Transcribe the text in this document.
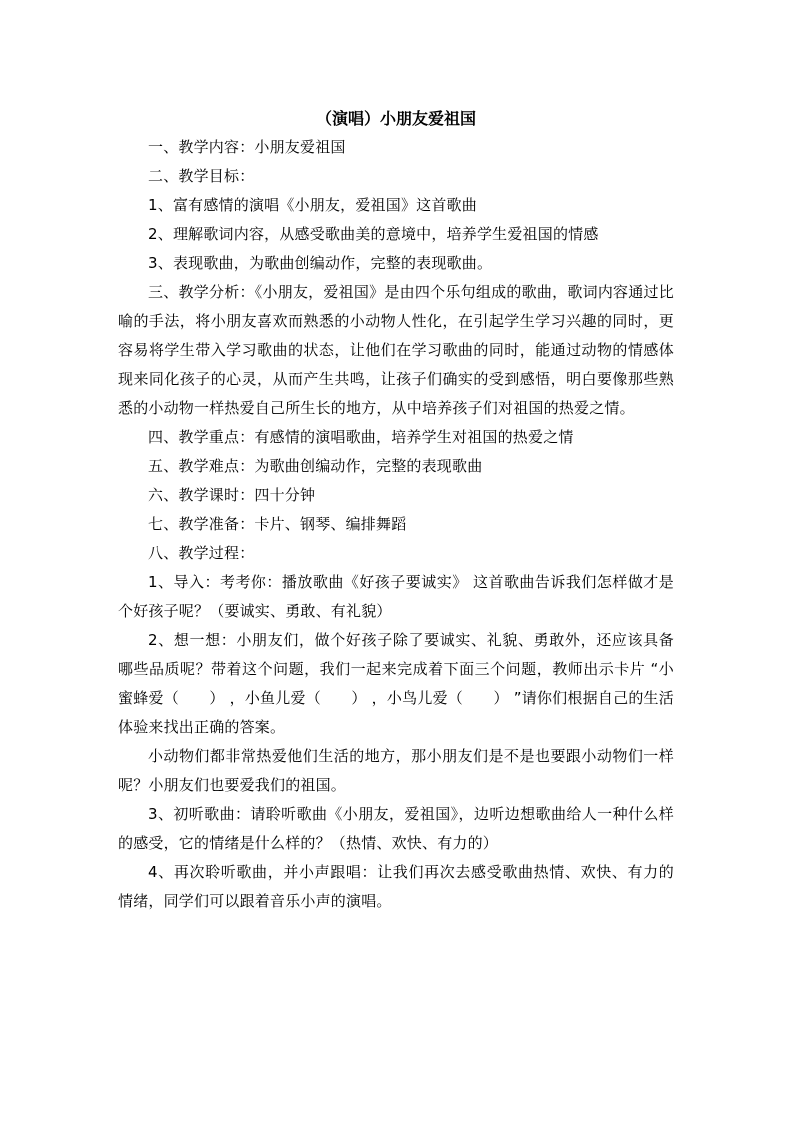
（演唱）小朋友爱祖国

一、教学内容：小朋友爱祖国

二、教学目标：

1、富有感情的演唱《小朋友，爱祖国》这首歌曲

2、理解歌词内容，从感受歌曲美的意境中，培养学生爱祖国的情感

3、表现歌曲，为歌曲创编动作，完整的表现歌曲。

三、教学分析：《小朋友，爱祖国》是由四个乐句组成的歌曲，歌词内容通过比喻的手法，将小朋友喜欢而熟悉的小动物人性化，在引起学生学习兴趣的同时，更容易将学生带入学习歌曲的状态，让他们在学习歌曲的同时，能通过动物的情感体现来同化孩子的心灵，从而产生共鸣，让孩子们确实的受到感悟，明白要像那些熟悉的小动物一样热爱自己所生长的地方，从中培养孩子们对祖国的热爱之情。

四、教学重点：有感情的演唱歌曲，培养学生对祖国的热爱之情

五、教学难点：为歌曲创编动作，完整的表现歌曲

六、教学课时：四十分钟

七、教学准备：卡片、钢琴、编排舞蹈

八、教学过程：

1、导入：考考你：播放歌曲《好孩子要诚实》 这首歌曲告诉我们怎样做才是个好孩子呢？（要诚实、勇敢、有礼貌）

2、想一想：小朋友们，做个好孩子除了要诚实、礼貌、勇敢外，还应该具备哪些品质呢？带着这个问题，我们一起来完成着下面三个问题，教师出示卡片 “小蜜蜂爱（　　） ，小鱼儿爱（　　） ，小鸟儿爱（　　） ”请你们根据自己的生活体验来找出正确的答案。

小动物们都非常热爱他们生活的地方，那小朋友们是不是也要跟小动物们一样呢？小朋友们也要爱我们的祖国。

3、初听歌曲：请聆听歌曲《小朋友，爱祖国》，边听边想歌曲给人一种什么样的感受，它的情绪是什么样的？（热情、欢快、有力的）

4、再次聆听歌曲，并小声跟唱：让我们再次去感受歌曲热情、欢快、有力的情绪，同学们可以跟着音乐小声的演唱。
